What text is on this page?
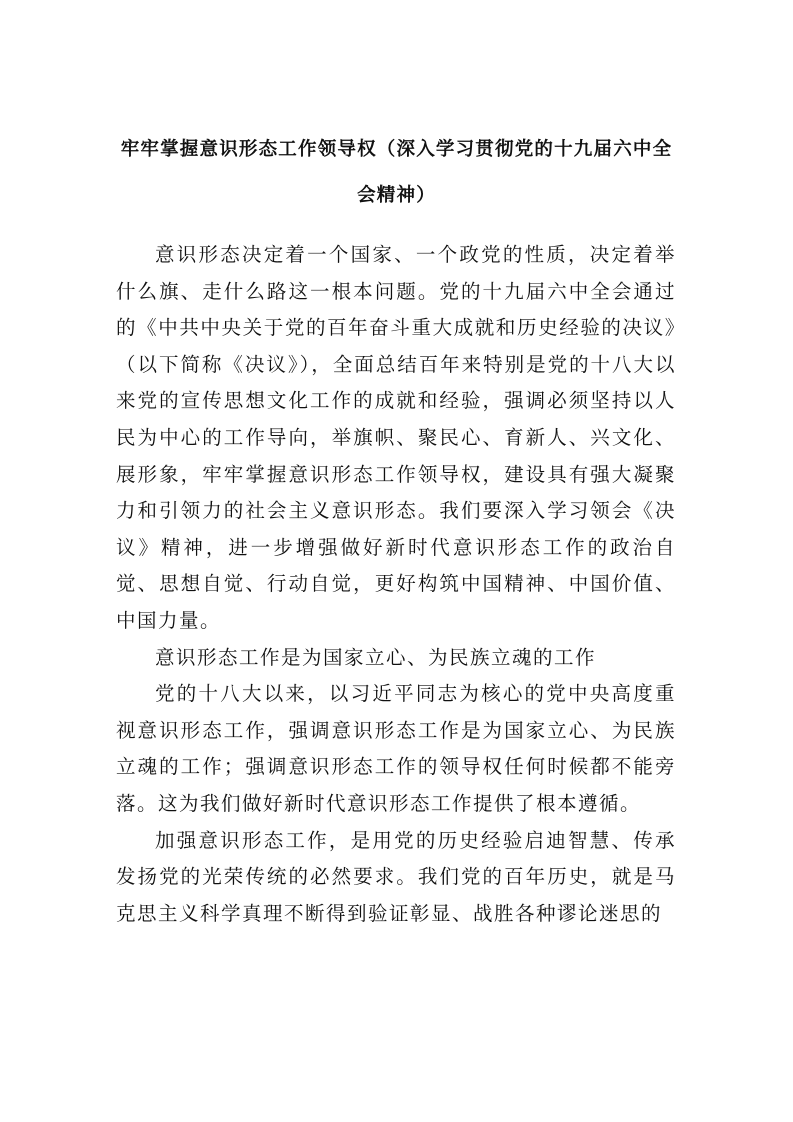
牢牢掌握意识形态工作领导权（深入学习贯彻党的十九届六中全会精神）

意识形态决定着一个国家、一个政党的性质，决定着举什么旗、走什么路这一根本问题。党的十九届六中全会通过的《中共中央关于党的百年奋斗重大成就和历史经验的决议》（以下简称《决议》），全面总结百年来特别是党的十八大以来党的宣传思想文化工作的成就和经验，强调必须坚持以人民为中心的工作导向，举旗帜、聚民心、育新人、兴文化、展形象，牢牢掌握意识形态工作领导权，建设具有强大凝聚力和引领力的社会主义意识形态。我们要深入学习领会《决议》精神，进一步增强做好新时代意识形态工作的政治自觉、思想自觉、行动自觉，更好构筑中国精神、中国价值、中国力量。

意识形态工作是为国家立心、为民族立魂的工作

党的十八大以来，以习近平同志为核心的党中央高度重视意识形态工作，强调意识形态工作是为国家立心、为民族立魂的工作；强调意识形态工作的领导权任何时候都不能旁落。这为我们做好新时代意识形态工作提供了根本遵循。

加强意识形态工作，是用党的历史经验启迪智慧、传承发扬党的光荣传统的必然要求。我们党的百年历史，就是马克思主义科学真理不断得到验证彰显、战胜各种谬论迷思的
